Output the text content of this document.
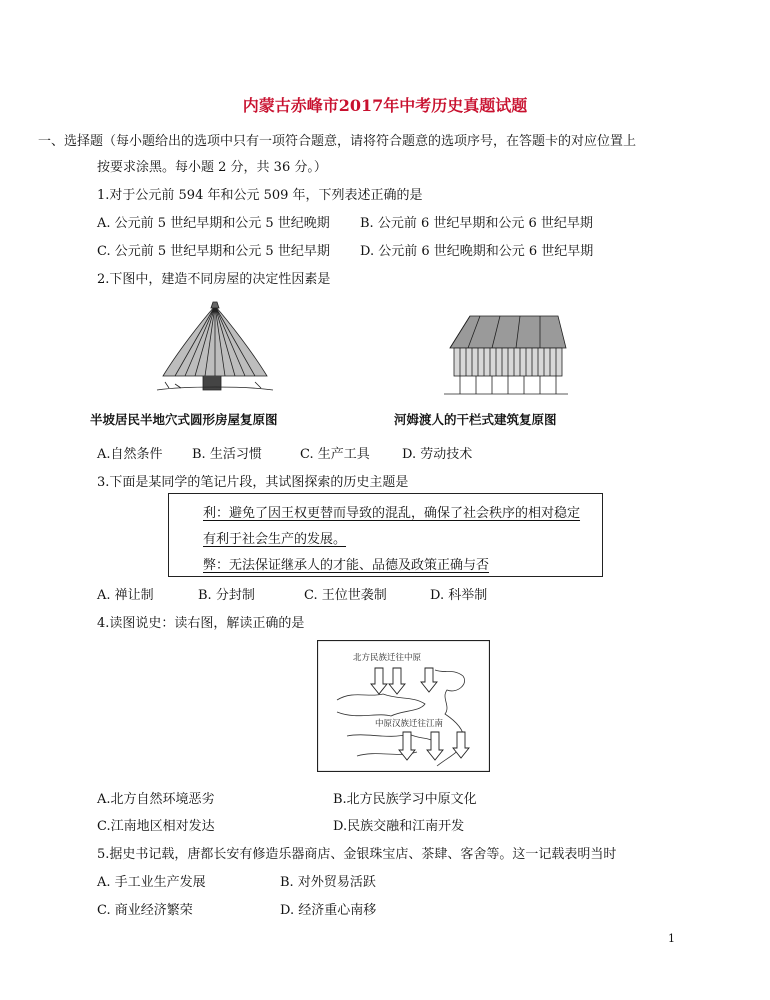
内蒙古赤峰市2017年中考历史真题试题
一、选择题（每小题给出的选项中只有一项符合题意，请将符合题意的选项序号，在答题卡的对应位置上
按要求涂黑。每小题 2 分，共 36 分。）
1.对于公元前 594 年和公元 509 年，下列表述正确的是
A. 公元前 5 世纪早期和公元 5 世纪晚期 B. 公元前 6 世纪早期和公元 6 世纪早期
C. 公元前 5 世纪早期和公元 5 世纪早期 D. 公元前 6 世纪晚期和公元 6 世纪早期
2.下图中，建造不同房屋的决定性因素是
半坡居民半地穴式圆形房屋复原图	河姆渡人的干栏式建筑复原图
A.自然条件 B. 生活习惯	C. 生产工具 D. 劳动技术
3.下面是某同学的笔记片段，其试图探索的历史主题是
利：避免了因王权更替而导致的混乱，确保了社会秩序的相对稳定
有利于社会生产的发展。
弊：无法保证继承人的才能、品德及政策正确与否
A. 禅让制	B. 分封制	C. 王位世袭制	D. 科举制
4.读图说史：读右图，解读正确的是
北方民族迁往中原
中原汉族迁往江南
A.北方自然环境恶劣	B.北方民族学习中原文化
C.江南地区相对发达	D.民族交融和江南开发
5.据史书记载，唐都长安有修造乐器商店、金银珠宝店、茶肆、客舍等。这一记载表明当时
A. 手工业生产发展	B. 对外贸易活跃
C. 商业经济繁荣	D. 经济重心南移
1
